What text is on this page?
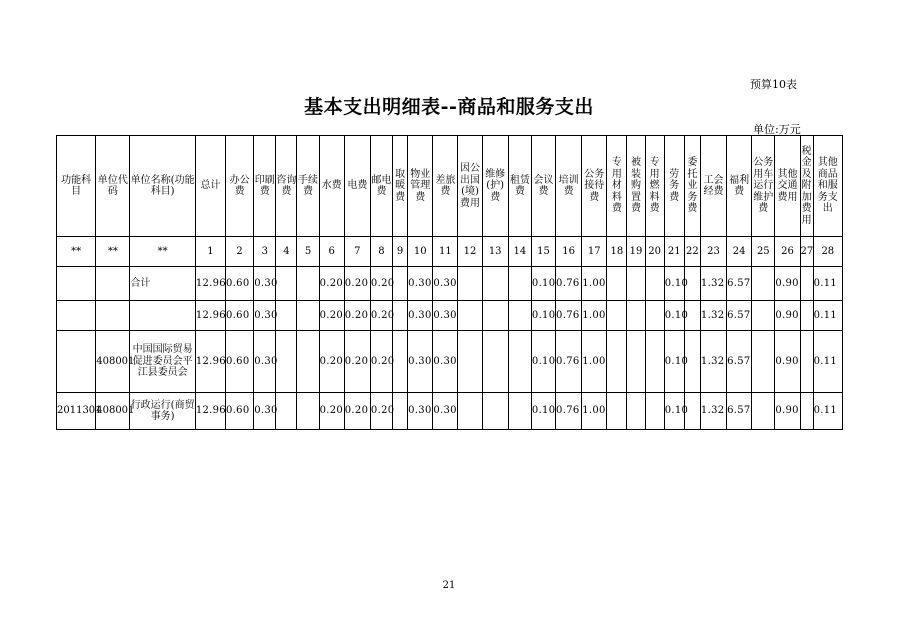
预算10表
基本支出明细表--商品和服务支出
单位:万元
功能科目	单位代码	单位名称(功能科目)	总计	办公费	印刷费	咨询费	手续费	水费	电费	邮电费	取暖费	物业管理费	差旅费	因公出国(境)费用	维修(护)费	租赁费	会议费	培训费	公务接待费	专用材料费	被装购置费	专用燃料费	劳务费	委托业务费	工会经费	福利费	公务用车运行维护费	其他交通费用	税金及附加费用	其他商品和服务支出
**	**	**	1	2	3	4	5	6	7	8	9	10	11	12	13	14	15	16	17	18	19	20	21	22	23	24	25	26	27	28
		合计	12.96	0.60	0.30			0.20	0.20	0.20		0.30	0.30				0.10	0.76	1.00				0.10		1.32	6.57		0.90		0.11
			12.96	0.60	0.30			0.20	0.20	0.20		0.30	0.30				0.10	0.76	1.00				0.10		1.32	6.57		0.90		0.11
	408001	中国国际贸易促进委员会平江县委员会	12.96	0.60	0.30			0.20	0.20	0.20		0.30	0.30				0.10	0.76	1.00				0.10		1.32	6.57		0.90		0.11
2011301	408001	行政运行(商贸事务)	12.96	0.60	0.30			0.20	0.20	0.20		0.30	0.30				0.10	0.76	1.00				0.10		1.32	6.57		0.90		0.11
21
